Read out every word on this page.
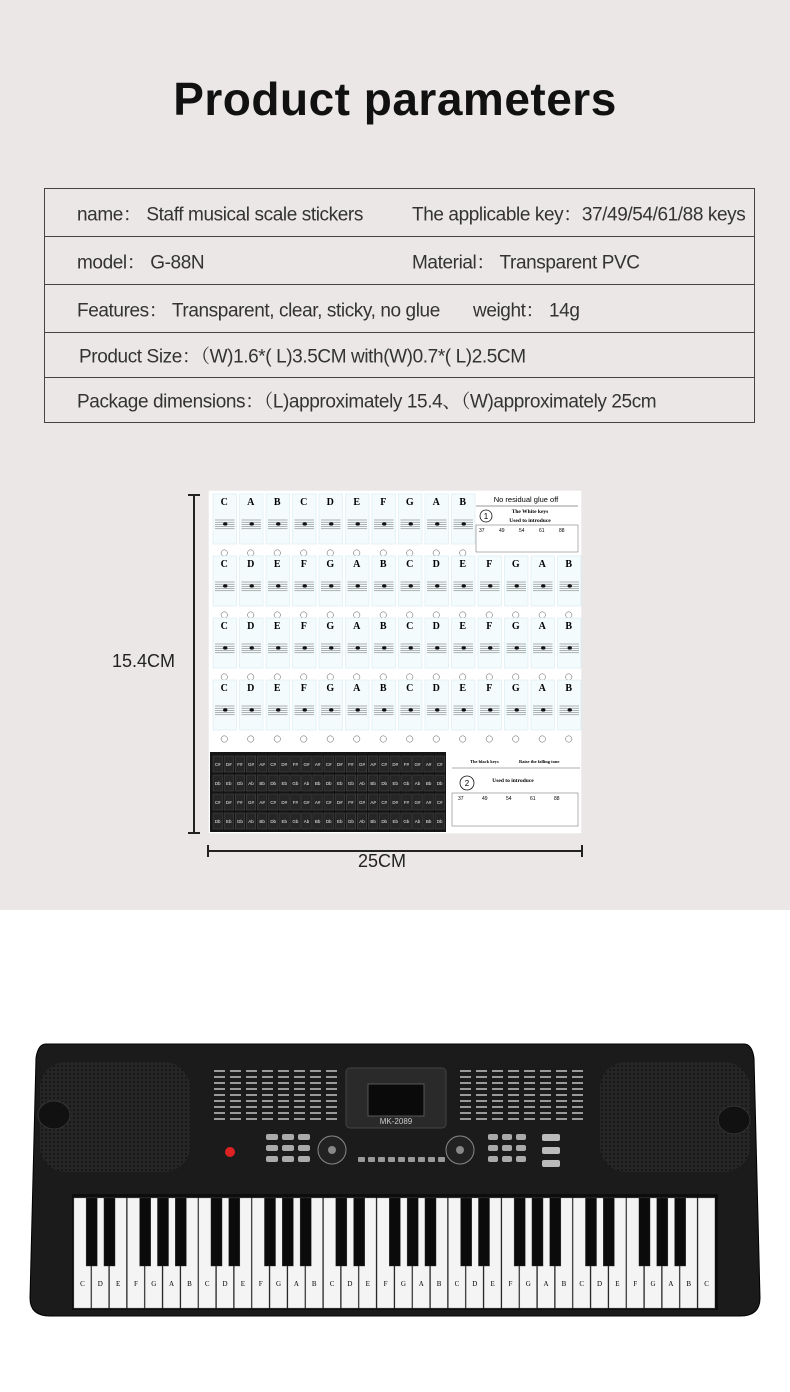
Product parameters
name： Staff musical scale stickers	The applicable key：37/49/54/61/88 keys

model： G-88N	Material： Transparent PVC

Features： Transparent, clear, sticky, no glue weight： 14g

Product Size：（W)1.6*( L)3.5CM with(W)0.7*( L)2.5CM

Package dimensions：（L)approximately 15.4、（W)approximately 25cm
15.4CM
25CM
C A B C D E F G A B
C D E F G A B C D E F G A B
C D E F G A B C D E F G A B
C D E F G A B C D E F G A B
No residual glue off
1	The White keys
Used to introduce
37	49	54	61	88
C# D# F# G# A# C# D# F# G# A# C# D# F# G# A# C# D# F# G# A# C#
Db Eb Gb Ab Bb Db Eb Gb Ab Bb Db Eb Gb Ab Bb Db Eb Gb Ab Bb Db
C# D# F# G# A# C# D# F# G# A# C# D# F# G# A# C# D# F# G# A# C#
Db Eb Gb Ab Bb Db Eb Gb Ab Bb Db Eb Gb Ab Bb Db Eb Gb Ab Bb Db
The black keys	Raise the falling tone
2	Used to introduce
37	49	54	61	88
MK-2089
C D E F G A B C D E F G A B C D E F G A B C D E F G A B C D E F G A B C
